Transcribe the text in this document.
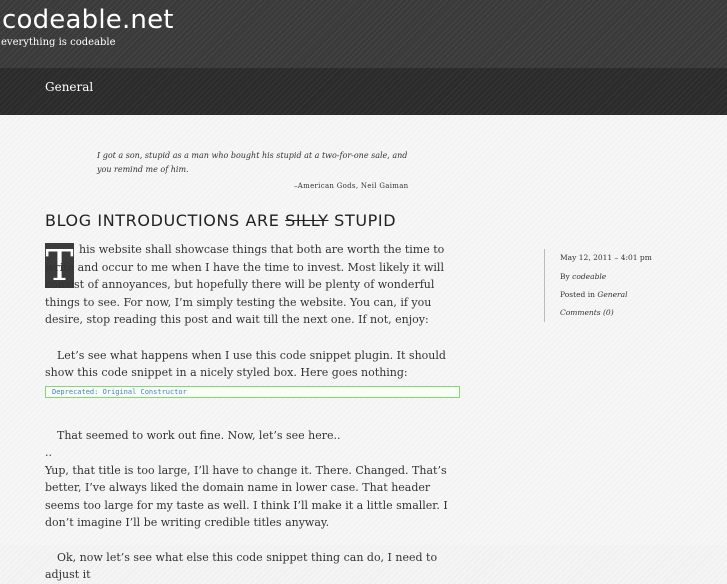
codeable.net
everything is codeable
General
I got a son, stupid as a man who bought his stupid at a two-for-one sale, and you remind me of him.
–American Gods, Neil Gaiman
BLOG INTRODUCTIONS ARE SILLY STUPID
T his website shall showcase things that both are worth the time to write and occur to me when I have the time to invest. Most likely it will consist of annoyances, but hopefully there will be plenty of wonderful things to see. For now, I’m simply testing the website. You can, if you desire, stop reading this post and wait till the next one. If not, enjoy:

Let’s see what happens when I use this code snippet plugin. It should show this code snippet in a nicely styled box. Here goes nothing:

That seemed to work out fine. Now, let’s see here..

..

Yup, that title is too large, I’ll have to change it. There. Changed. That’s better, I’ve always liked the domain name in lower case. That header seems too large for my taste as well. I think I’ll make it a little smaller. I don’t imagine I’ll be writing credible titles anyway.

Ok, now let’s see what else this code snippet thing can do, I need to adjust it

Deprecated: Original Constructor
May 12, 2011 – 4:01 pm
By codeable
Posted in General
Comments (0)
